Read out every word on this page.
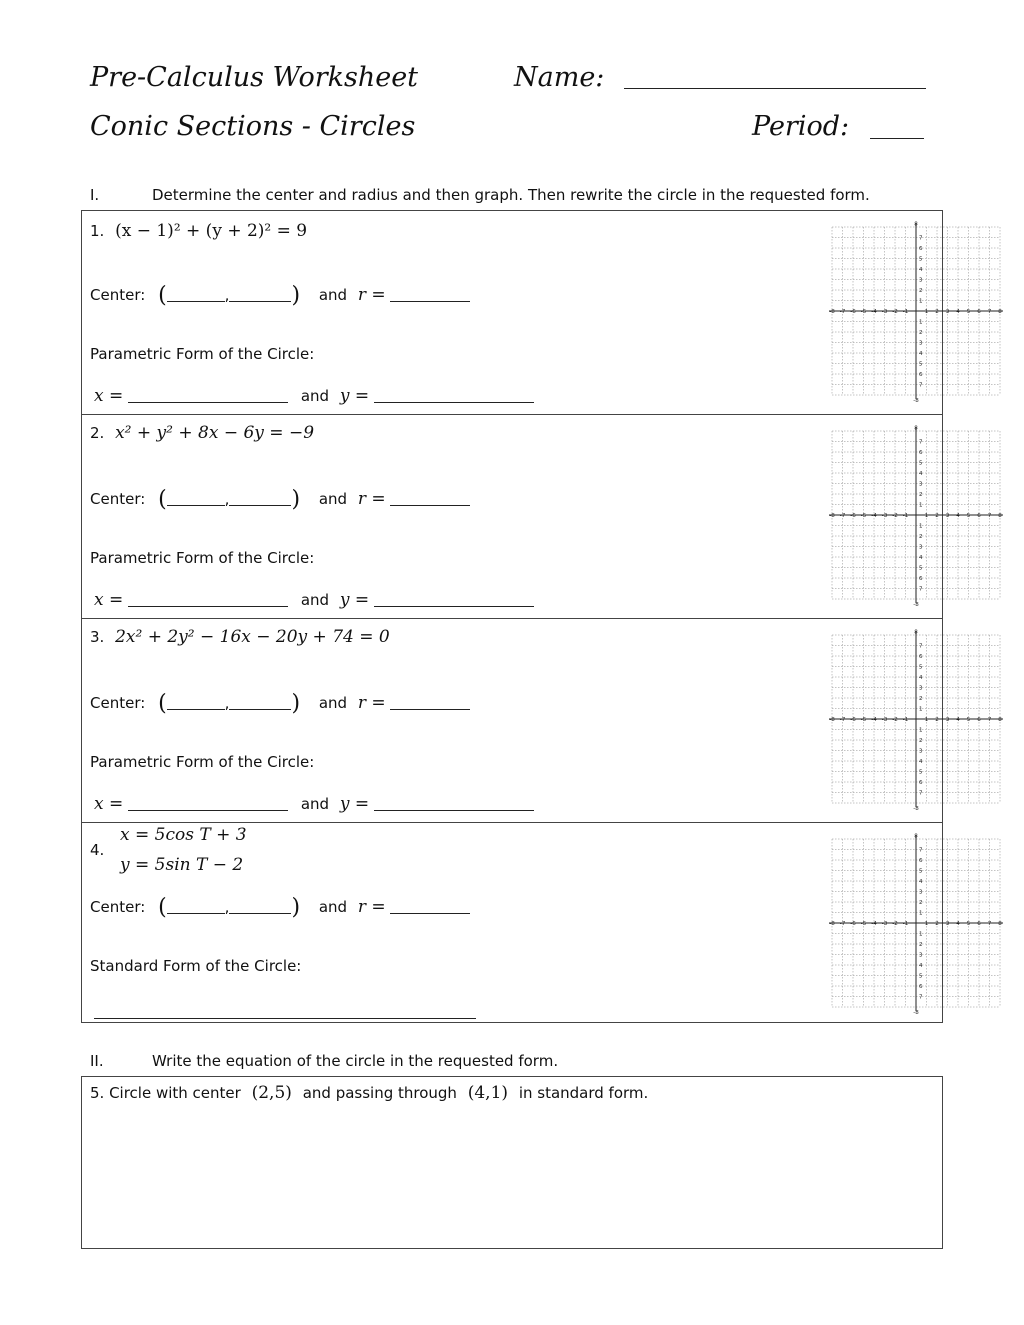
Pre-Calculus Worksheet	Name:
Conic Sections - Circles	Period:
I.	Determine the center and radius and then graph. Then rewrite the circle in the requested form.
1. (x − 1)² + (y + 2)² = 9
Center: (	,	) and r =
Parametric Form of the Circle:
x =	and y =
-8 -7 -6 -5 -4 -3 -2 -1	1 2 3 4 5 6 7 8
8
7
6
5
4
3
2
1
1
2
3
4
5
6
7
-8
2. x² + y² + 8x − 6y = −9
Center: (	,	) and r =
Parametric Form of the Circle:
x =	and y =
-8 -7 -6 -5 -4 -3 -2 -1	1 2 3 4 5 6 7 8
8
7
6
5
4
3
2
1
1
2
3
4
5
6
7
-8
3. 2x² + 2y² − 16x − 20y + 74 = 0
Center: (	,	) and r =
Parametric Form of the Circle:
x =	and y =
-8 -7 -6 -5 -4 -3 -2 -1	1 2 3 4 5 6 7 8
8
7
6
5
4
3
2
1
1
2
3
4
5
6
7
-8
x = 5cos T + 3
4.
y = 5sin T − 2
Center: (	,	) and r =
Standard Form of the Circle:
-8 -7 -6 -5 -4 -3 -2 -1	1 2 3 4 5 6 7 8
8
7
6
5
4
3
2
1
1
2
3
4
5
6
7
-8
II.	Write the equation of the circle in the requested form.
5. Circle with center (2,5) and passing through (4,1) in standard form.
